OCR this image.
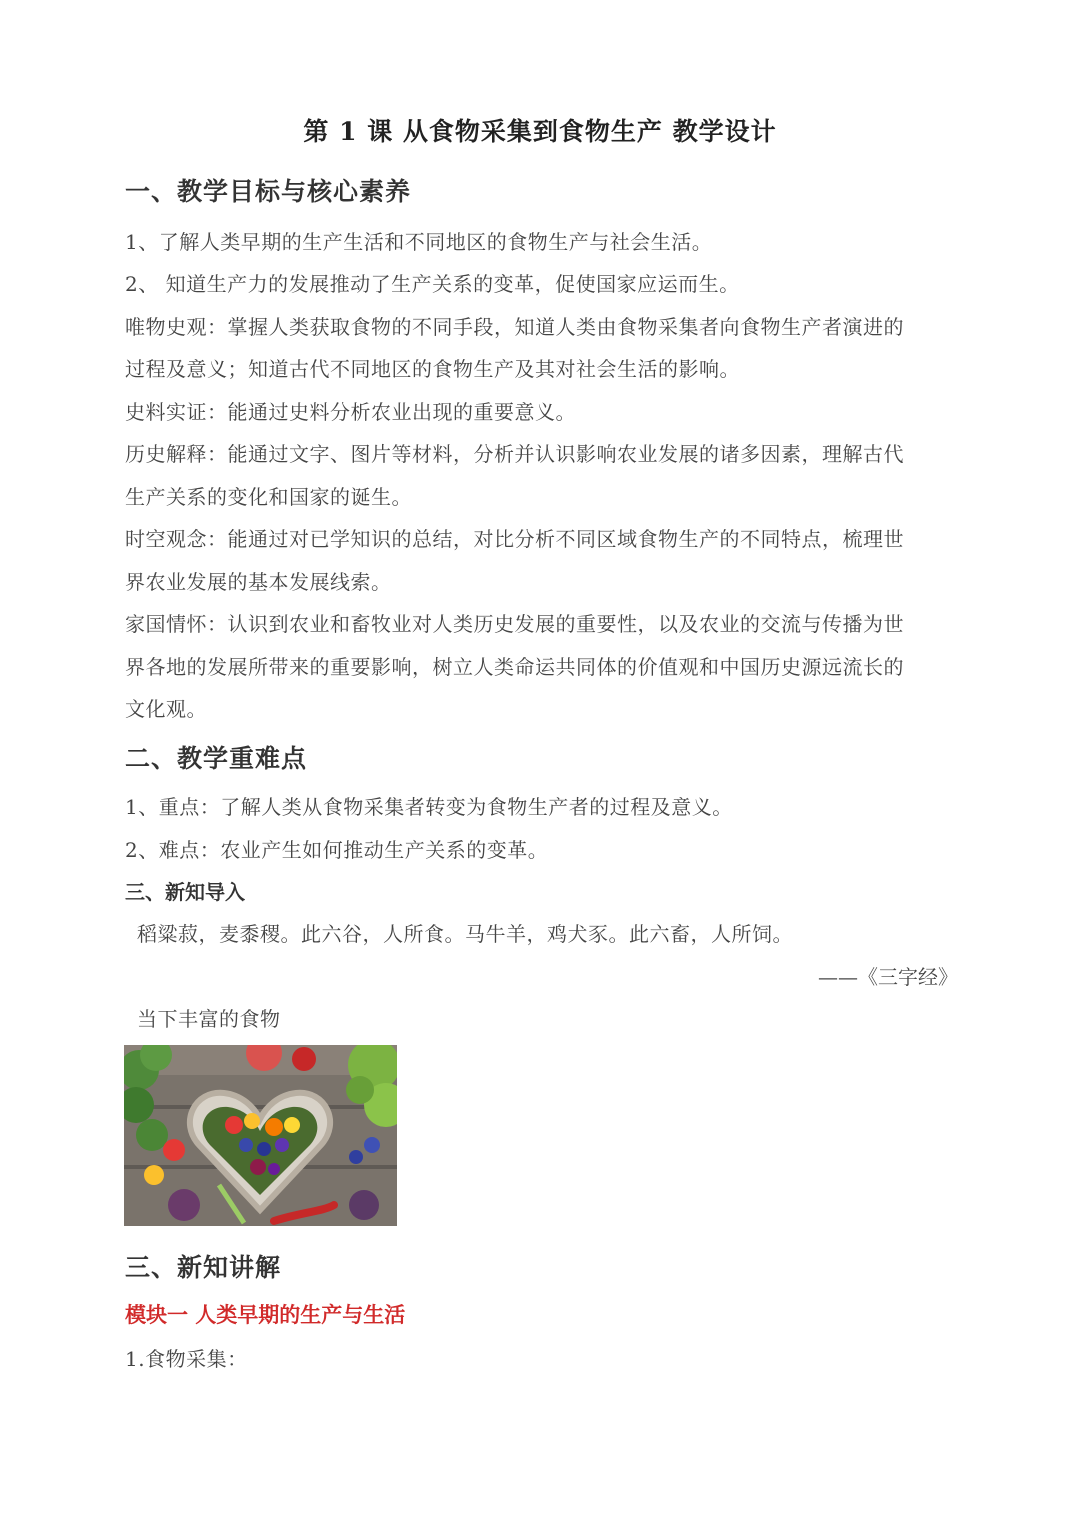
第 1 课 从食物采集到食物生产 教学设计
一、教学目标与核心素养
1、了解人类早期的生产生活和不同地区的食物生产与社会生活。
2、 知道生产力的发展推动了生产关系的变革，促使国家应运而生。
唯物史观：掌握人类获取食物的不同手段，知道人类由食物采集者向食物生产者演进的
过程及意义；知道古代不同地区的食物生产及其对社会生活的影响。
史料实证：能通过史料分析农业出现的重要意义。
历史解释：能通过文字、图片等材料，分析并认识影响农业发展的诸多因素，理解古代
生产关系的变化和国家的诞生。
时空观念：能通过对已学知识的总结，对比分析不同区域食物生产的不同特点，梳理世
界农业发展的基本发展线索。
家国情怀：认识到农业和畜牧业对人类历史发展的重要性，以及农业的交流与传播为世
界各地的发展所带来的重要影响，树立人类命运共同体的价值观和中国历史源远流长的
文化观。
二、教学重难点
1、重点：了解人类从食物采集者转变为食物生产者的过程及意义。
2、难点：农业产生如何推动生产关系的变革。
三、新知导入
稻粱菽，麦黍稷。此六谷，人所食。马牛羊，鸡犬豕。此六畜，人所饲。
——《三字经》
当下丰富的食物
三、新知讲解
模块一 人类早期的生产与生活
1.食物采集：
